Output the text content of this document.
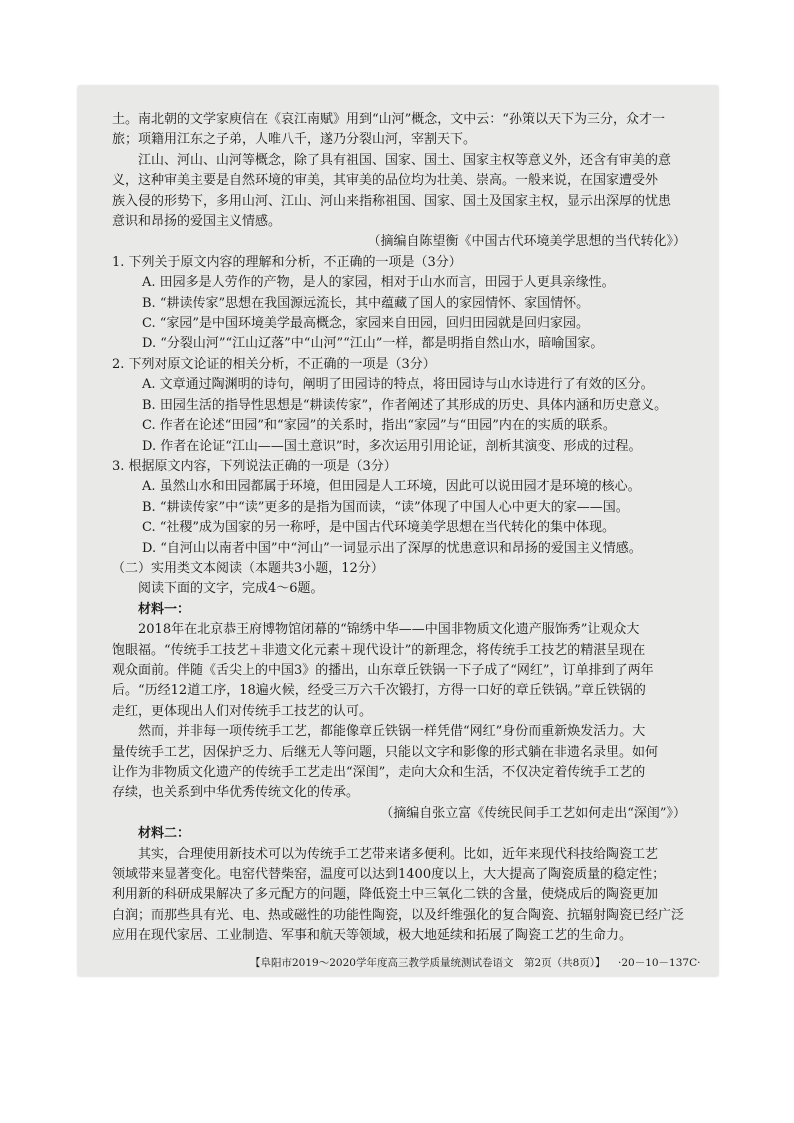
土。南北朝的文学家庾信在《哀江南赋》用到“山河”概念，文中云：“孙策以天下为三分，众才一
旅；项籍用江东之子弟，人唯八千，遂乃分裂山河，宰割天下。
江山、河山、山河等概念，除了具有祖国、国家、国土、国家主权等意义外，还含有审美的意
义，这种审美主要是自然环境的审美，其审美的品位均为壮美、崇高。一般来说，在国家遭受外
族入侵的形势下，多用山河、江山、河山来指称祖国、国家、国土及国家主权，显示出深厚的忧患
意识和昂扬的爱国主义情感。
（摘编自陈望衡《中国古代环境美学思想的当代转化》）
1. 下列关于原文内容的理解和分析，不正确的一项是（3分）
A. 田园多是人劳作的产物，是人的家园，相对于山水而言，田园于人更具亲缘性。
B. “耕读传家”思想在我国源远流长，其中蕴藏了国人的家园情怀、家国情怀。
C. “家园”是中国环境美学最高概念，家园来自田园，回归田园就是回归家园。
D. “分裂山河”“江山辽落”中“山河”“江山”一样，都是明指自然山水，暗喻国家。
2. 下列对原文论证的相关分析，不正确的一项是（3分）
A. 文章通过陶渊明的诗句，阐明了田园诗的特点，将田园诗与山水诗进行了有效的区分。
B. 田园生活的指导性思想是“耕读传家”，作者阐述了其形成的历史、具体内涵和历史意义。
C. 作者在论述“田园”和“家园”的关系时，指出“家园”与“田园”内在的实质的联系。
D. 作者在论证“江山——国土意识”时，多次运用引用论证，剖析其演变、形成的过程。
3. 根据原文内容，下列说法正确的一项是（3分）
A. 虽然山水和田园都属于环境，但田园是人工环境，因此可以说田园才是环境的核心。
B. “耕读传家”中“读”更多的是指为国而读，“读”体现了中国人心中更大的家——国。
C. “社稷”成为国家的另一称呼，是中国古代环境美学思想在当代转化的集中体现。
D. “自河山以南者中国”中“河山”一词显示出了深厚的忧患意识和昂扬的爱国主义情感。
（二）实用类文本阅读（本题共3小题，12分）
阅读下面的文字，完成4～6题。
材料一：
2018年在北京恭王府博物馆闭幕的“锦绣中华——中国非物质文化遗产服饰秀”让观众大
饱眼福。“传统手工技艺＋非遗文化元素＋现代设计”的新理念，将传统手工技艺的精湛呈现在
观众面前。伴随《舌尖上的中国3》的播出，山东章丘铁锅一下子成了“网红”，订单排到了两年
后。“历经12道工序，18遍火候，经受三万六千次锻打，方得一口好的章丘铁锅。”章丘铁锅的
走红，更体现出人们对传统手工技艺的认可。
然而，并非每一项传统手工艺，都能像章丘铁锅一样凭借“网红”身份而重新焕发活力。大
量传统手工艺，因保护乏力、后继无人等问题，只能以文字和影像的形式躺在非遗名录里。如何
让作为非物质文化遗产的传统手工艺走出“深闺”，走向大众和生活，不仅决定着传统手工艺的
存续，也关系到中华优秀传统文化的传承。
（摘编自张立富《传统民间手工艺如何走出“深闺”》）
材料二：
其实，合理使用新技术可以为传统手工艺带来诸多便利。比如，近年来现代科技给陶瓷工艺
领域带来显著变化。电窑代替柴窑，温度可以达到1400度以上，大大提高了陶瓷质量的稳定性；
利用新的科研成果解决了多元配方的问题，降低瓷土中三氧化二铁的含量，使烧成后的陶瓷更加
白润；而那些具有光、电、热或磁性的功能性陶瓷，以及纤维强化的复合陶瓷、抗辐射陶瓷已经广泛
应用在现代家居、工业制造、军事和航天等领域，极大地延续和拓展了陶瓷工艺的生命力。
【阜阳市2019～2020学年度高三教学质量统测试卷语文　第2页（共8页）】 ·20－10－137C·
